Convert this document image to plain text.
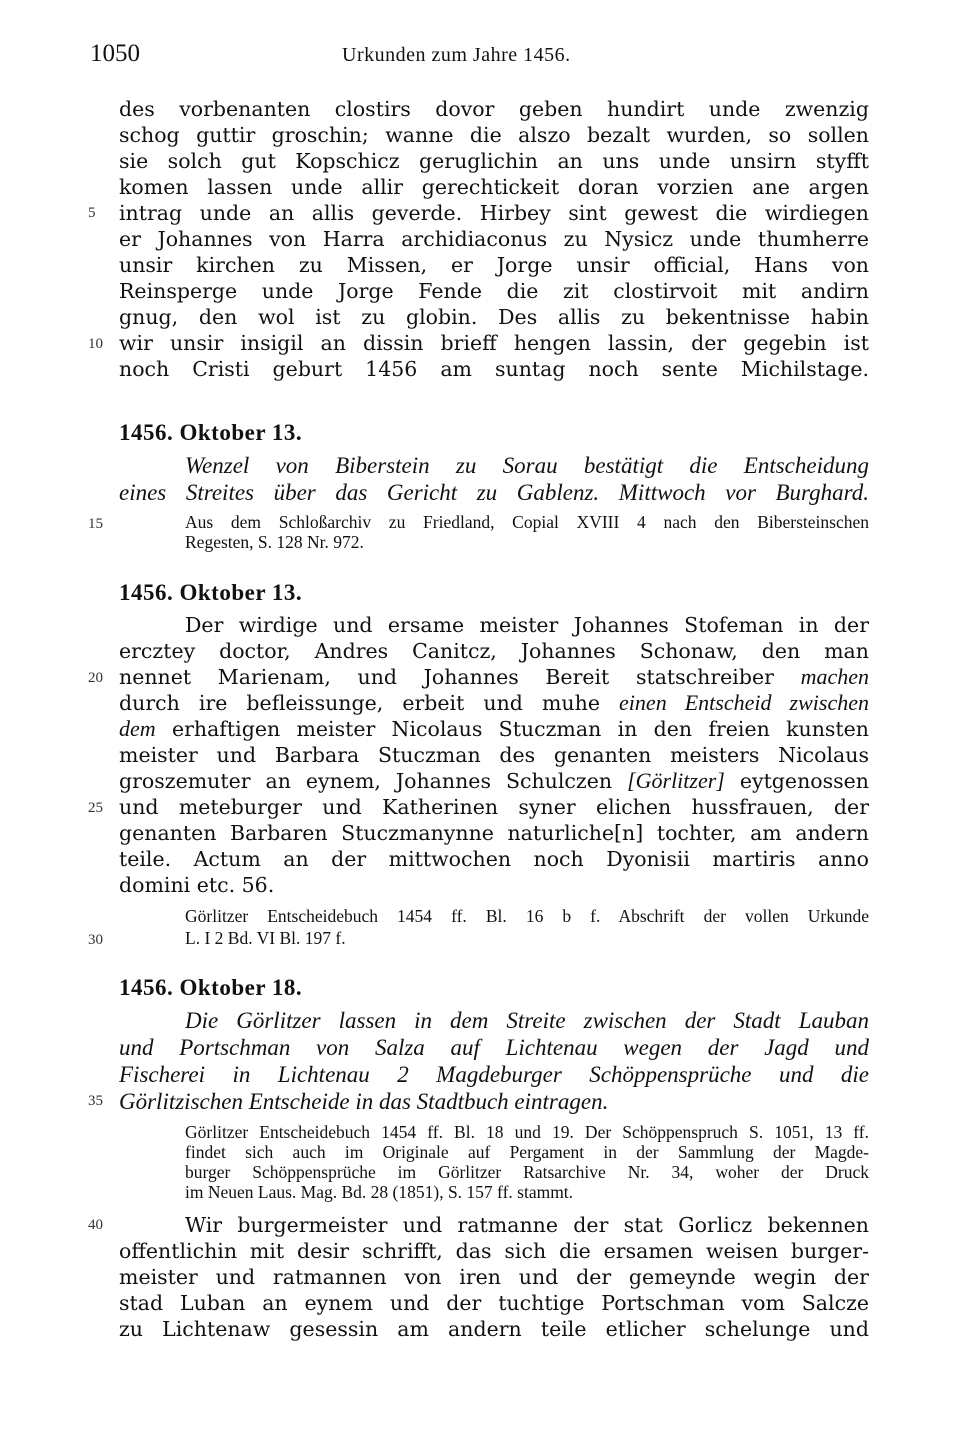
1050	Urkunden zum Jahre 1456.
des vorbenanten clostirs dovor geben hundirt unde zwenzig
schog guttir groschin; wanne die alszo bezalt wurden, so sollen
sie solch gut Kopschicz geruglichin an uns unde unsirn styfft
komen lassen unde allir gerechtickeit doran vorzien ane argen
intrag unde an allis geverde. Hirbey sint gewest die wirdiegen
er Johannes von Harra archidiaconus zu Nysicz unde thumherre
unsir kirchen zu Missen, er Jorge unsir official, Hans von
Reinsperge unde Jorge Fende die zit clostirvoit mit andirn
gnug, den wol ist zu globin. Des allis zu bekentnisse habin
wir unsir insigil an dissin brieff hengen lassin, der gegebin ist
noch Cristi geburt 1456 am suntag noch sente Michilstage.
1456. Oktober 13.
Wenzel von Biberstein zu Sorau bestätigt die Entscheidung
eines Streites über das Gericht zu Gablenz. Mittwoch vor Burghard.
Aus dem Schloßarchiv zu Friedland, Copial XVIII 4 nach den Bibersteinschen
Regesten, S. 128 Nr. 972.
1456. Oktober 13.
Der wirdige und ersame meister Johannes Stofeman in der
ercztey doctor, Andres Canitcz, Johannes Schonaw, den man
nennet Marienam, und Johannes Bereit statschreiber machen
durch ire befleissunge, erbeit und muhe einen Entscheid zwischen
dem erhaftigen meister Nicolaus Stuczman in den freien kunsten
meister und Barbara Stuczman des genanten meisters Nicolaus
groszemuter an eynem, Johannes Schulczen [Görlitzer] eytgenossen
und meteburger und Katherinen syner elichen hussfrauen, der
genanten Barbaren Stuczmanynne naturliche[n] tochter, am andern
teile. Actum an der mittwochen noch Dyonisii martiris anno
domini etc. 56.
Görlitzer Entscheidebuch 1454 ff. Bl. 16 b f. Abschrift der vollen Urkunde
L. I 2 Bd. VI Bl. 197 f.
1456. Oktober 18.
Die Görlitzer lassen in dem Streite zwischen der Stadt Lauban
und Portschman von Salza auf Lichtenau wegen der Jagd und
Fischerei in Lichtenau 2 Magdeburger Schöppensprüche und die
Görlitzischen Entscheide in das Stadtbuch eintragen.
Görlitzer Entscheidebuch 1454 ff. Bl. 18 und 19. Der Schöppenspruch S. 1051, 13 ff.
findet sich auch im Originale auf Pergament in der Sammlung der Magde-
burger Schöppensprüche im Görlitzer Ratsarchive Nr. 34, woher der Druck
im Neuen Laus. Mag. Bd. 28 (1851), S. 157 ff. stammt.
Wir burgermeister und ratmanne der stat Gorlicz bekennen
offentlichin mit desir schrifft, das sich die ersamen weisen burger-
meister und ratmannen von iren und der gemeynde wegin der
stad Luban an eynem und der tuchtige Portschman vom Salcze
zu Lichtenaw gesessin am andern teile etlicher schelunge und
5
10
15
20
25
30
35
40
